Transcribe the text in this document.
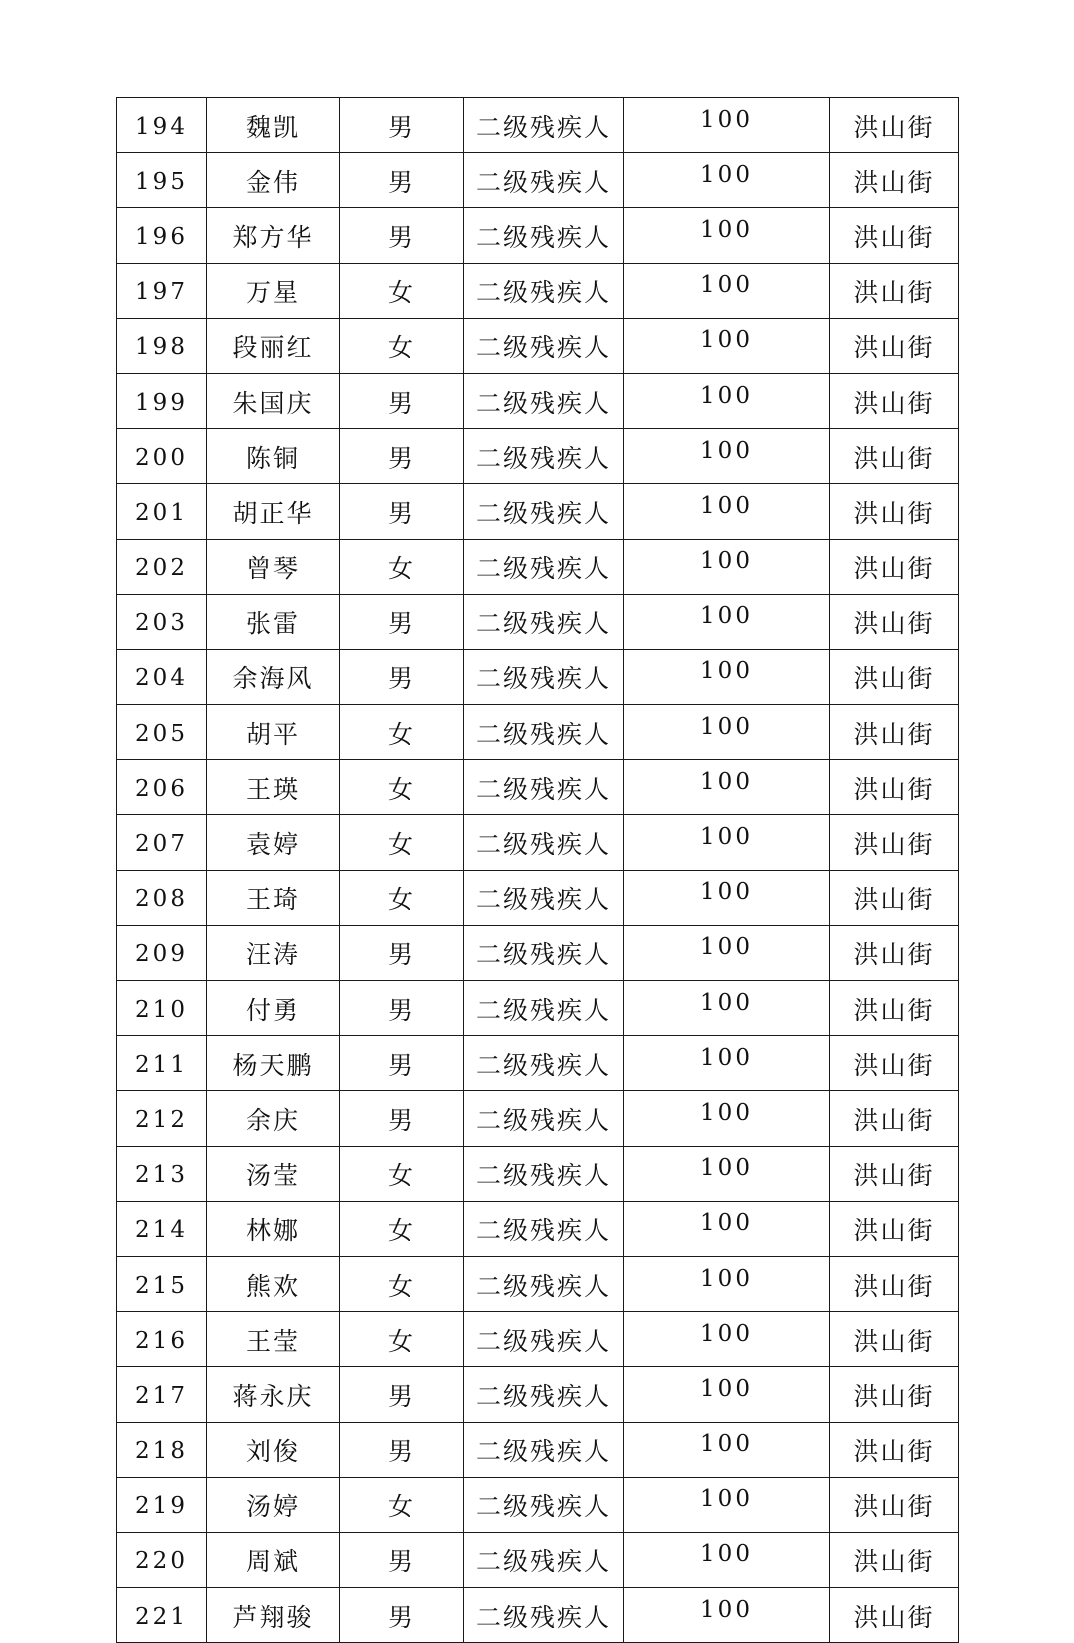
194	魏凯	男	二级残疾人	100	洪山街
195	金伟	男	二级残疾人	100	洪山街
196	郑方华	男	二级残疾人	100	洪山街
197	万星	女	二级残疾人	100	洪山街
198	段丽红	女	二级残疾人	100	洪山街
199	朱国庆	男	二级残疾人	100	洪山街
200	陈铜	男	二级残疾人	100	洪山街
201	胡正华	男	二级残疾人	100	洪山街
202	曾琴	女	二级残疾人	100	洪山街
203	张雷	男	二级残疾人	100	洪山街
204	余海风	男	二级残疾人	100	洪山街
205	胡平	女	二级残疾人	100	洪山街
206	王瑛	女	二级残疾人	100	洪山街
207	袁婷	女	二级残疾人	100	洪山街
208	王琦	女	二级残疾人	100	洪山街
209	汪涛	男	二级残疾人	100	洪山街
210	付勇	男	二级残疾人	100	洪山街
211	杨天鹏	男	二级残疾人	100	洪山街
212	余庆	男	二级残疾人	100	洪山街
213	汤莹	女	二级残疾人	100	洪山街
214	林娜	女	二级残疾人	100	洪山街
215	熊欢	女	二级残疾人	100	洪山街
216	王莹	女	二级残疾人	100	洪山街
217	蒋永庆	男	二级残疾人	100	洪山街
218	刘俊	男	二级残疾人	100	洪山街
219	汤婷	女	二级残疾人	100	洪山街
220	周斌	男	二级残疾人	100	洪山街
221	芦翔骏	男	二级残疾人	100	洪山街
